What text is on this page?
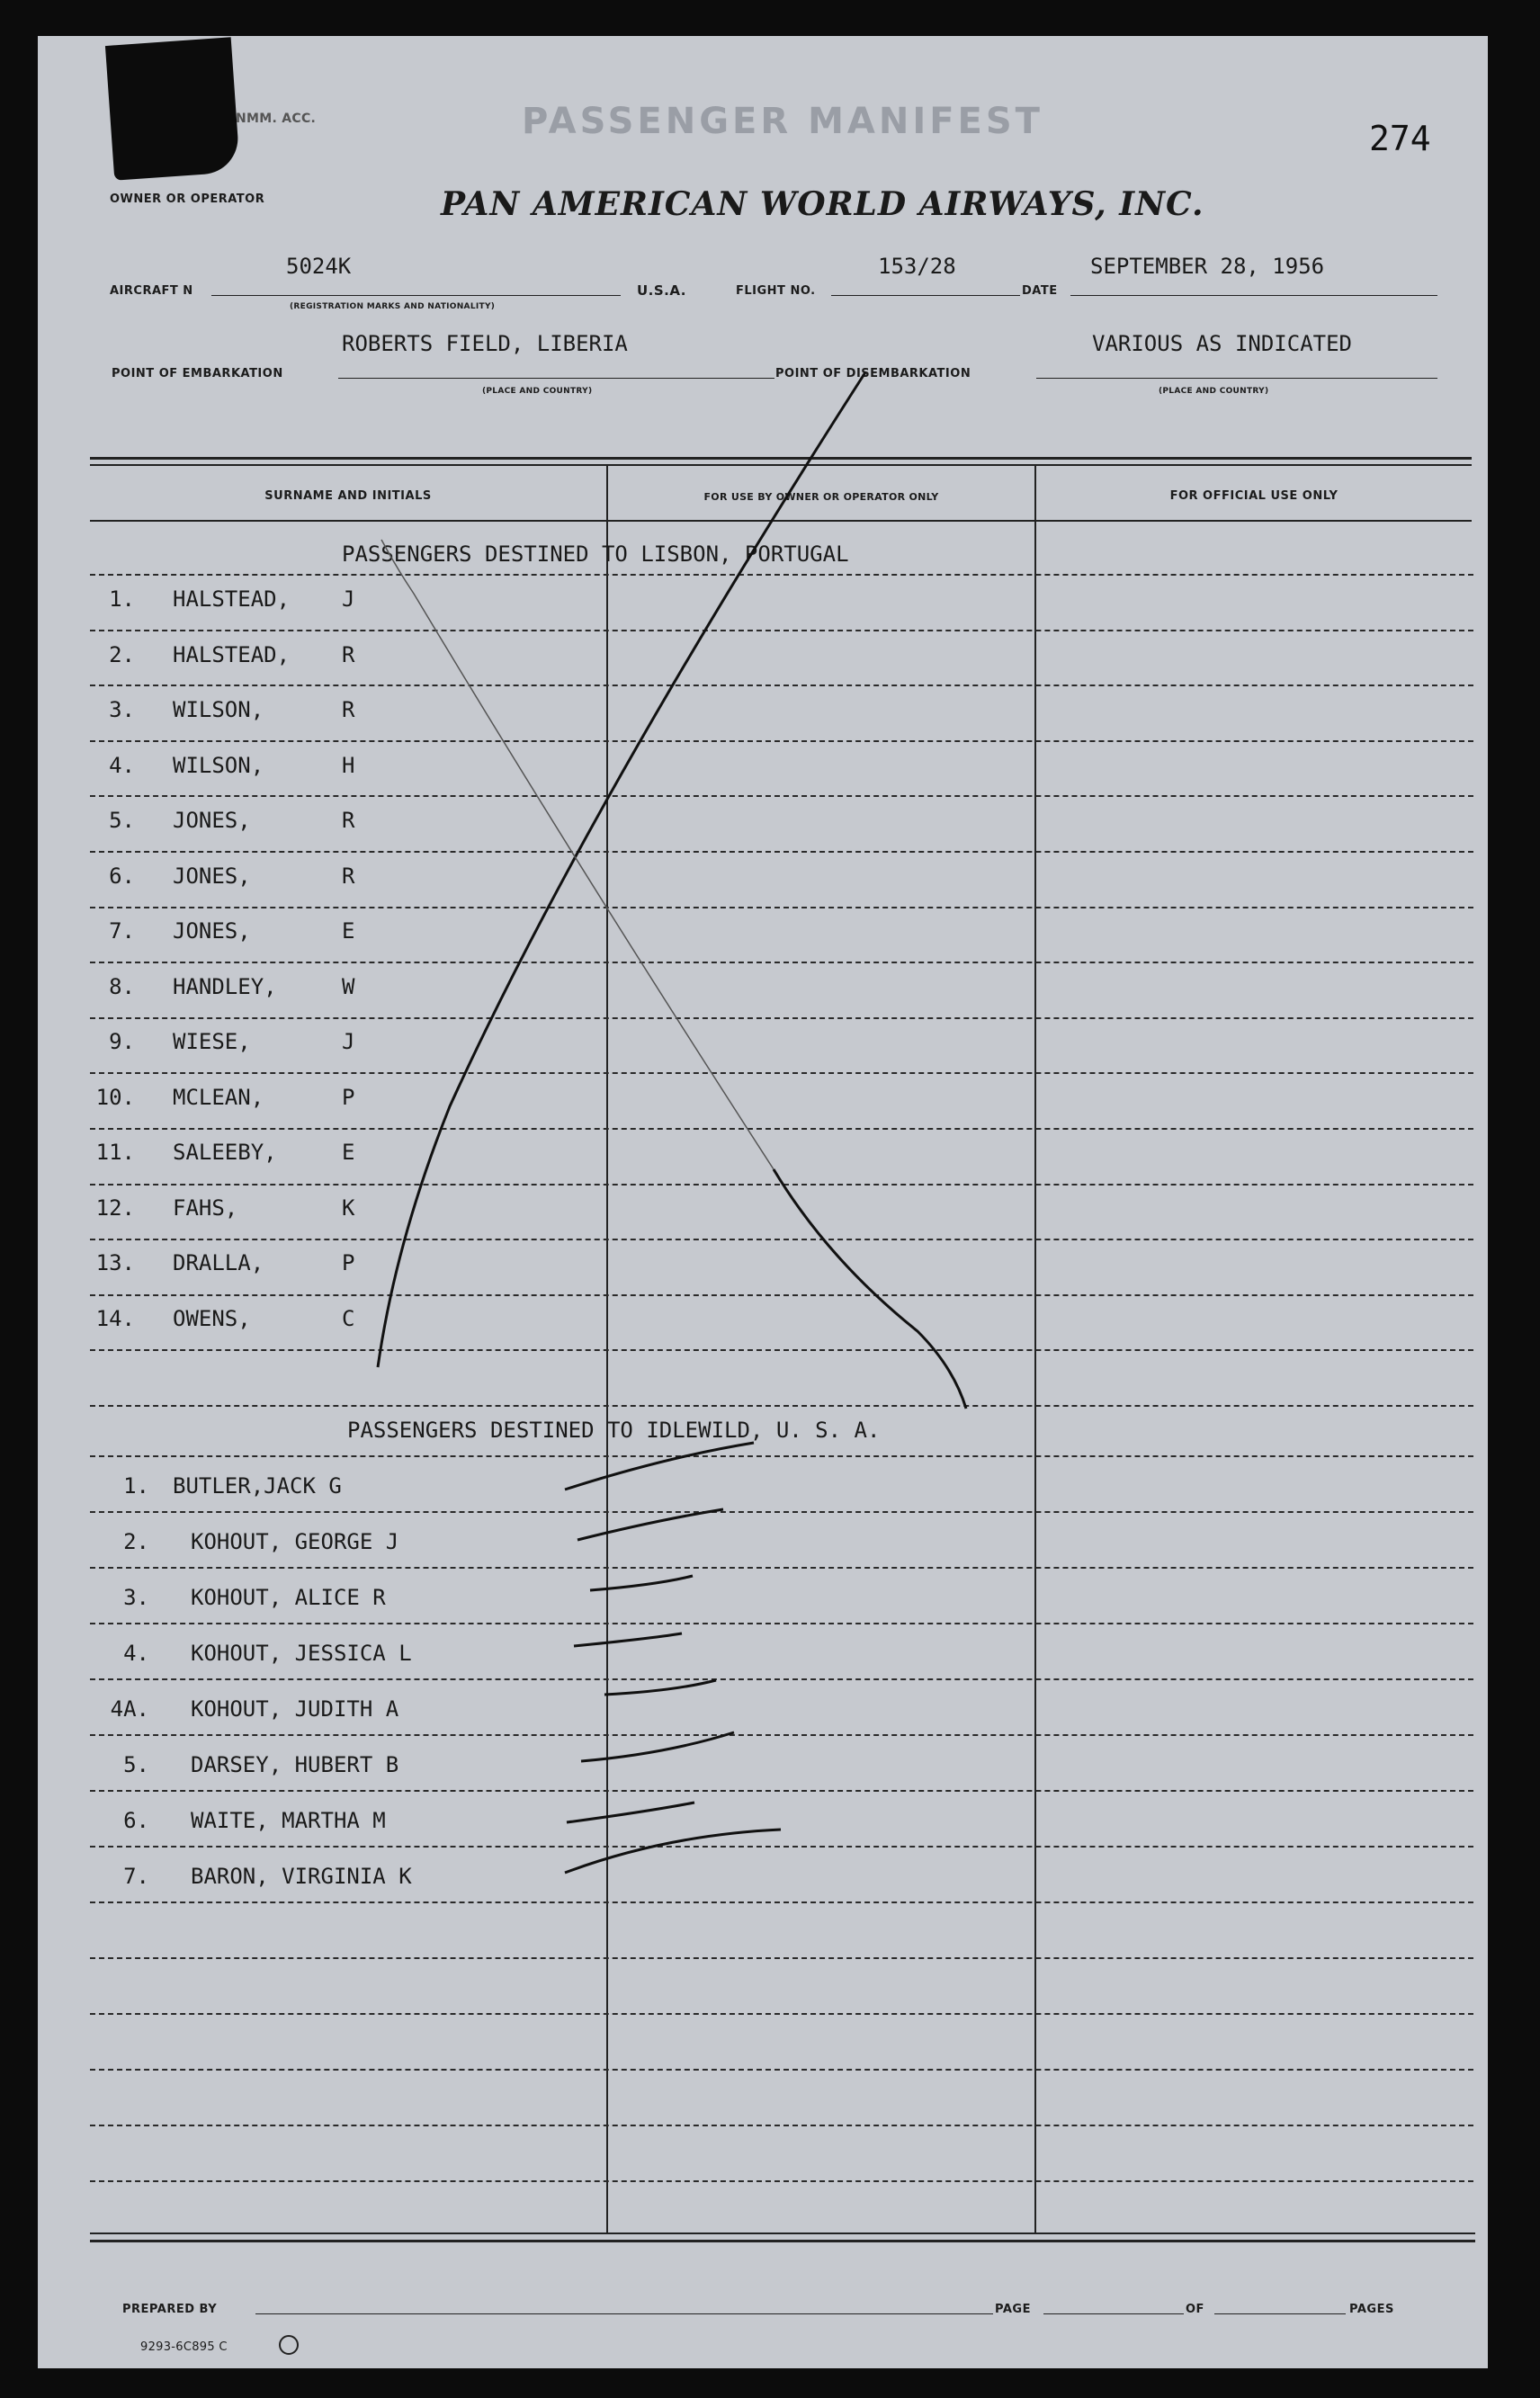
NMM. ACC.	PASSENGER MANIFEST	274
OWNER OR OPERATOR	PAN AMERICAN WORLD AIRWAYS, INC.
AIRCRAFT N
5024K
(REGISTRATION MARKS AND NATIONALITY)
U.S.A.	FLIGHT NO.
153/28
DATE
SEPTEMBER 28, 1956
POINT OF EMBARKATION
ROBERTS FIELD, LIBERIA
(PLACE AND COUNTRY)
POINT OF DISEMBARKATION
VARIOUS AS INDICATED
(PLACE AND COUNTRY)
SURNAME AND INITIALS	FOR USE BY OWNER OR OPERATOR ONLY	FOR OFFICIAL USE ONLY
PASSENGERS DESTINED TO LISBON, PORTUGAL
1. HALSTEAD, J
2. HALSTEAD, R
3. WILSON,	R
4. WILSON,	H
5. JONES,	R
6. JONES,	R
7. JONES,	E
8. HANDLEY,	W
9. WIESE,	J
10. MCLEAN,	P
11. SALEEBY,	E
12. FAHS,	K
13. DRALLA,	P
14. OWENS,	C
PASSENGERS DESTINED TO IDLEWILD, U. S. A.
1. BUTLER,JACK G
2. KOHOUT, GEORGE J
3. KOHOUT, ALICE R
4. KOHOUT, JESSICA L
4A. KOHOUT, JUDITH A
5. DARSEY, HUBERT B
6. WAITE, MARTHA M
7. BARON, VIRGINIA K
PREPARED BY	PAGE	OF	PAGES
9293-6C895 C
